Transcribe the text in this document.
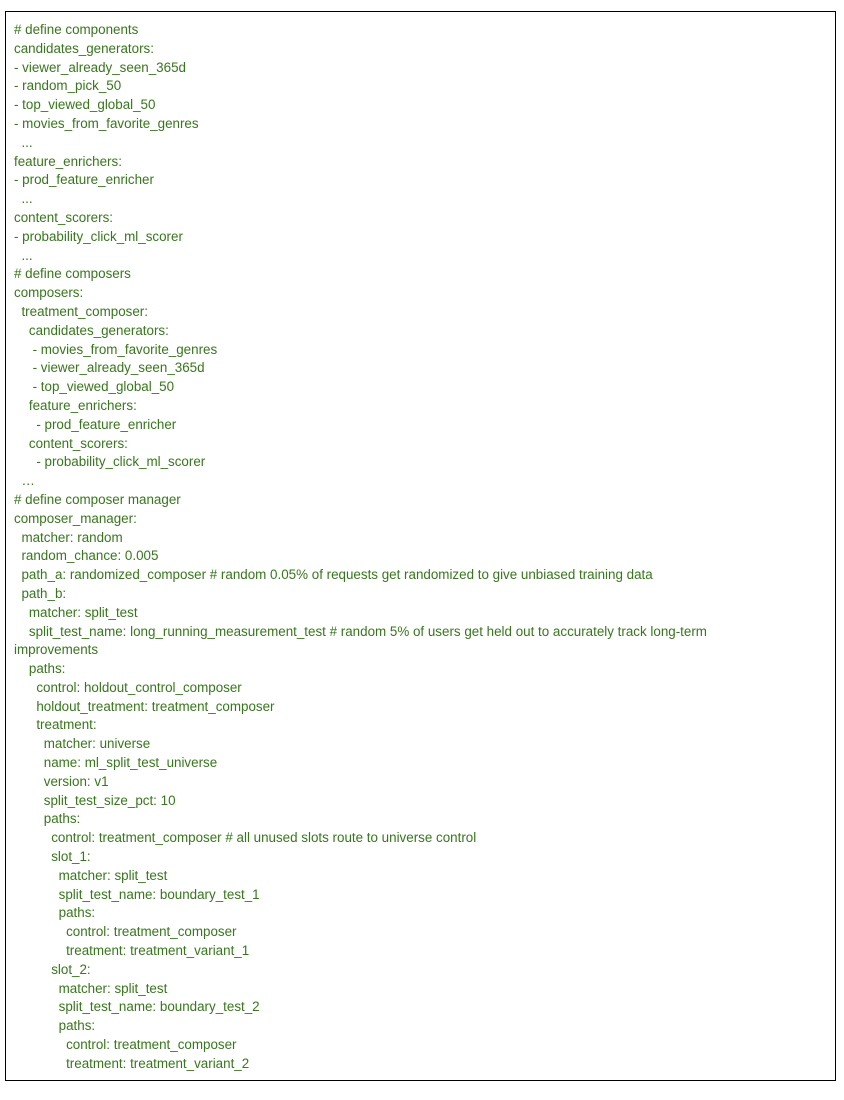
# define components
candidates_generators:
- viewer_already_seen_365d
- random_pick_50
- top_viewed_global_50
- movies_from_favorite_genres
...
feature_enrichers:
- prod_feature_enricher
...
content_scorers:
- probability_click_ml_scorer
...
# define composers
composers:
treatment_composer:
candidates_generators:
- movies_from_favorite_genres
- viewer_already_seen_365d
- top_viewed_global_50
feature_enrichers:
- prod_feature_enricher
content_scorers:
- probability_click_ml_scorer
…
# define composer manager
composer_manager:
matcher: random
random_chance: 0.005
path_a: randomized_composer # random 0.05% of requests get randomized to give unbiased training data
path_b:
matcher: split_test
split_test_name: long_running_measurement_test # random 5% of users get held out to accurately track long-term
improvements
paths:
control: holdout_control_composer
holdout_treatment: treatment_composer
treatment:
matcher: universe
name: ml_split_test_universe
version: v1
split_test_size_pct: 10
paths:
control: treatment_composer # all unused slots route to universe control
slot_1:
matcher: split_test
split_test_name: boundary_test_1
paths:
control: treatment_composer
treatment: treatment_variant_1
slot_2:
matcher: split_test
split_test_name: boundary_test_2
paths:
control: treatment_composer
treatment: treatment_variant_2
